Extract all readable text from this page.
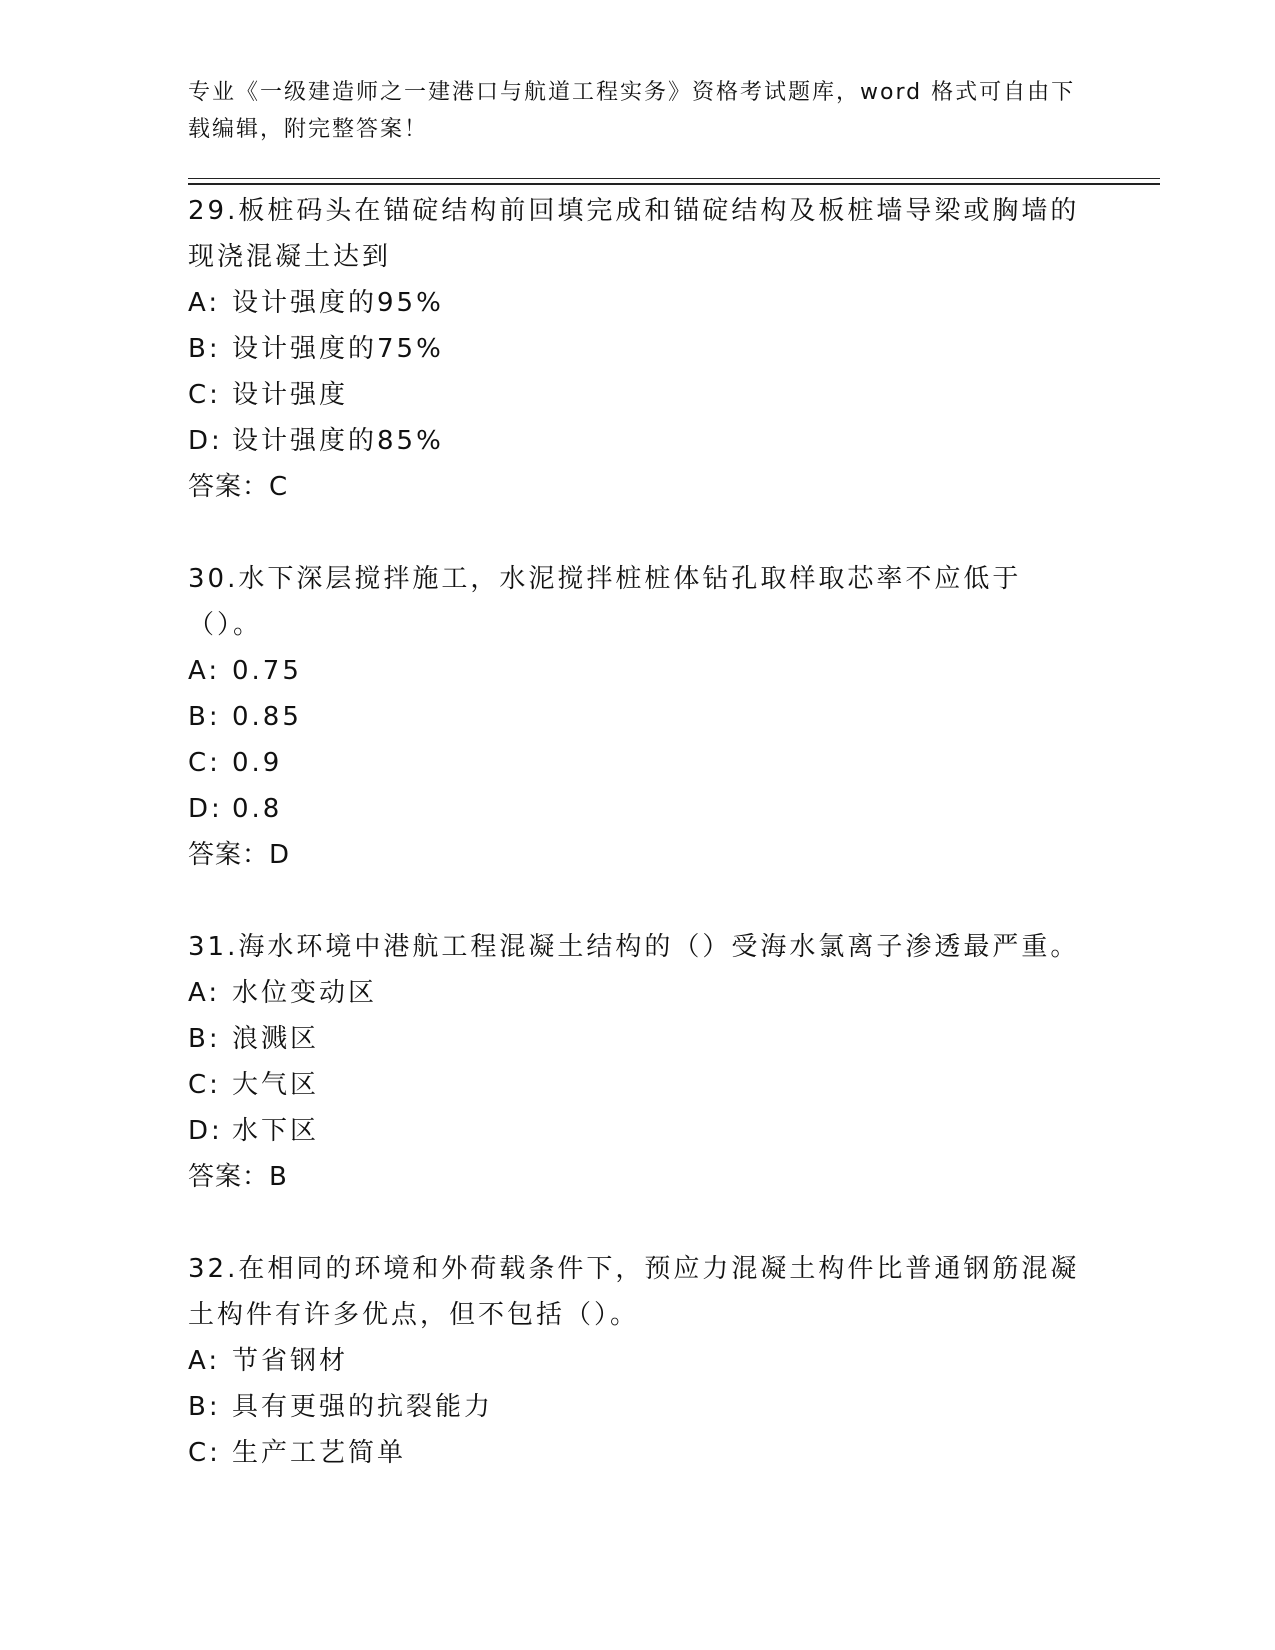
专业《一级建造师之一建港口与航道工程实务》资格考试题库，word 格式可自由下载编辑，附完整答案！
29.板桩码头在锚碇结构前回填完成和锚碇结构及板桩墙导梁或胸墙的现浇混凝土达到
A: 设计强度的95%
B: 设计强度的75%
C: 设计强度
D: 设计强度的85%
答案：C
30.水下深层搅拌施工，水泥搅拌桩桩体钻孔取样取芯率不应低于（）。
A: 0.75
B: 0.85
C: 0.9
D: 0.8
答案：D
31.海水环境中港航工程混凝土结构的（）受海水氯离子渗透最严重。
A: 水位变动区
B: 浪溅区
C: 大气区
D: 水下区
答案：B
32.在相同的环境和外荷载条件下，预应力混凝土构件比普通钢筋混凝土构件有许多优点，但不包括（）。
A: 节省钢材
B: 具有更强的抗裂能力
C: 生产工艺简单
